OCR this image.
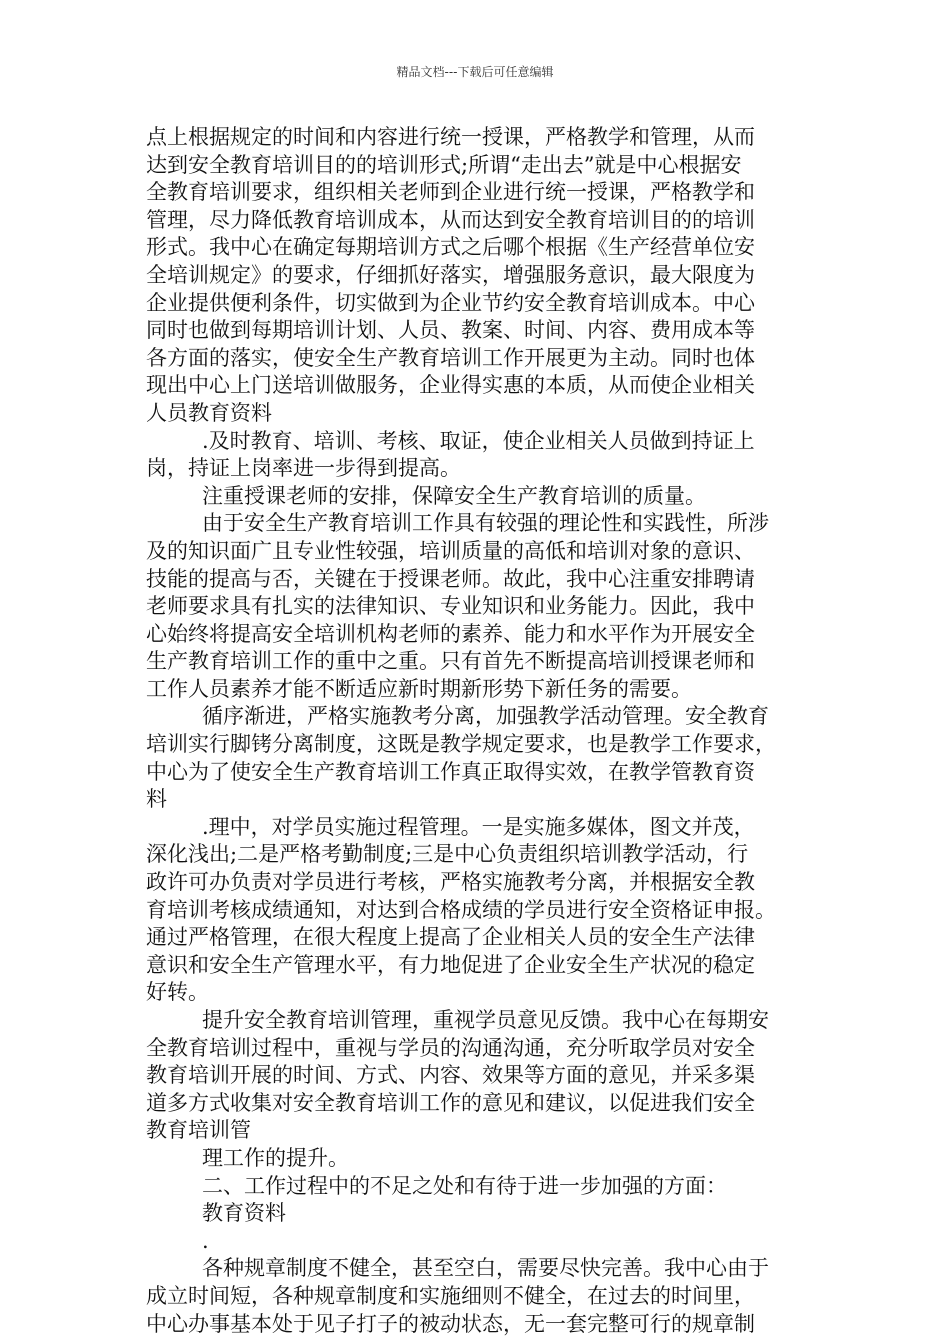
精品文档---下载后可任意编辑
点上根据规定的时间和内容进行统一授课，严格教学和管理，从而
达到安全教育培训目的的培训形式;所谓“走出去”就是中心根据安
全教育培训要求，组织相关老师到企业进行统一授课，严格教学和
管理，尽力降低教育培训成本，从而达到安全教育培训目的的培训
形式。我中心在确定每期培训方式之后哪个根据《生产经营单位安
全培训规定》的要求，仔细抓好落实，增强服务意识，最大限度为
企业提供便利条件，切实做到为企业节约安全教育培训成本。中心
同时也做到每期培训计划、人员、教案、时间、内容、费用成本等
各方面的落实，使安全生产教育培训工作开展更为主动。同时也体
现出中心上门送培训做服务，企业得实惠的本质，从而使企业相关
人员教育资料
.及时教育、培训、考核、取证，使企业相关人员做到持证上
岗，持证上岗率进一步得到提高。
注重授课老师的安排，保障安全生产教育培训的质量。
由于安全生产教育培训工作具有较强的理论性和实践性，所涉
及的知识面广且专业性较强，培训质量的高低和培训对象的意识、
技能的提高与否，关键在于授课老师。故此，我中心注重安排聘请
老师要求具有扎实的法律知识、专业知识和业务能力。因此，我中
心始终将提高安全培训机构老师的素养、能力和水平作为开展安全
生产教育培训工作的重中之重。只有首先不断提高培训授课老师和
工作人员素养才能不断适应新时期新形势下新任务的需要。
循序渐进，严格实施教考分离，加强教学活动管理。安全教育
培训实行脚铐分离制度，这既是教学规定要求，也是教学工作要求，
中心为了使安全生产教育培训工作真正取得实效，在教学管教育资
料
.理中，对学员实施过程管理。一是实施多媒体，图文并茂，
深化浅出;二是严格考勤制度;三是中心负责组织培训教学活动，行
政许可办负责对学员进行考核，严格实施教考分离，并根据安全教
育培训考核成绩通知，对达到合格成绩的学员进行安全资格证申报。
通过严格管理，在很大程度上提高了企业相关人员的安全生产法律
意识和安全生产管理水平，有力地促进了企业安全生产状况的稳定
好转。
提升安全教育培训管理，重视学员意见反馈。我中心在每期安
全教育培训过程中，重视与学员的沟通沟通，充分听取学员对安全
教育培训开展的时间、方式、内容、效果等方面的意见，并采多渠
道多方式收集对安全教育培训工作的意见和建议，以促进我们安全
教育培训管
理工作的提升。
二、工作过程中的不足之处和有待于进一步加强的方面：
教育资料
.
各种规章制度不健全，甚至空白，需要尽快完善。我中心由于
成立时间短，各种规章制度和实施细则不健全，在过去的时间里，
中心办事基本处于见子打子的被动状态，无一套完整可行的规章制
